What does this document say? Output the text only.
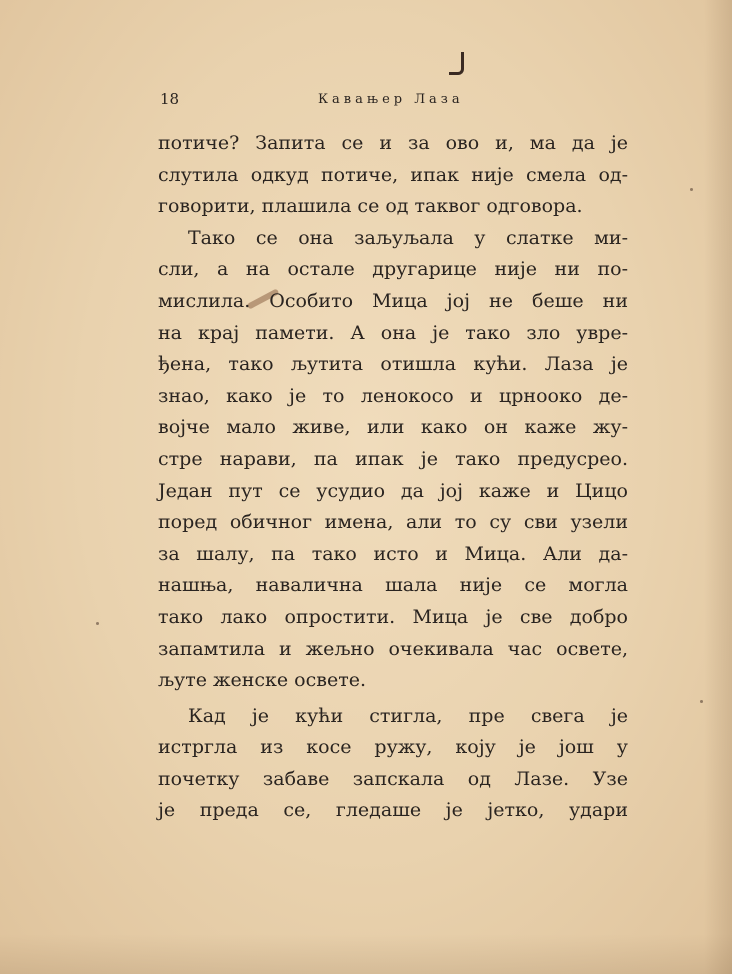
18	Кавањер Лаза
потиче? Запита се и за ово и, ма да је
слутила одкуд потиче, ипак није смела од-
говорити, плашила се од таквог одговора.
Тако се она заљуљала у слатке ми-
сли, а на остале другарице није ни по-
мислила. Особито Мица јој не беше ни
на крај памети. А она је тако зло увре-
ђена, тако љутита отишла кући. Лаза је
знао, како је то ленокосо и црнооко де-
војче мало живе, или како он каже жу-
стре нарави, па ипак је тако предусрео.
Један пут се усудио да јој каже и Цицо
поред обичног имена, али то су сви узели
за шалу, па тако исто и Мица. Али да-
нашња, навалична шала није се могла
тако лако опростити. Мица је све добро
запамтила и жељно очекивала час освете,
љуте женске освете.
Кад је кући стигла, пре свега је
истргла из косе ружу, коју је још у
почетку забаве запскала од Лазе. Узе
је преда се, гледаше је јетко, удари
